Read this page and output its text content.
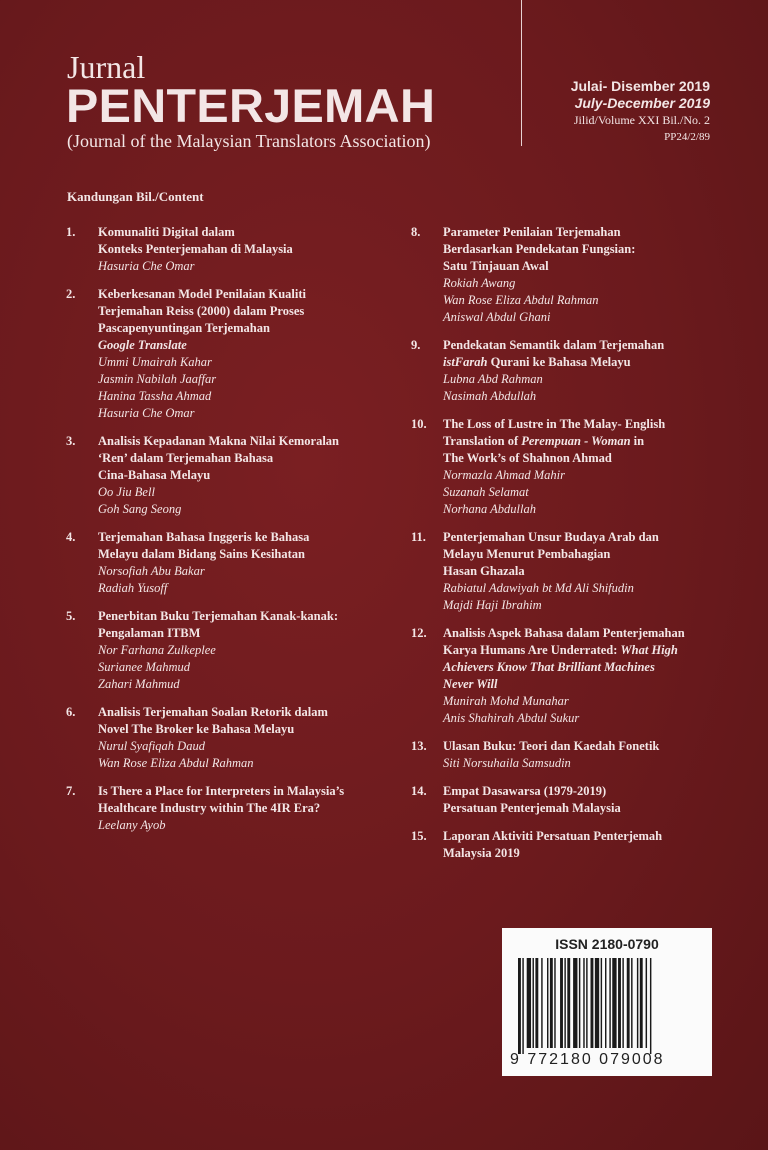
Jurnal
PENTERJEMAH
(Journal of the Malaysian Translators Association)
Julai- Disember 2019
July-December 2019
Jilid/Volume XXI Bil./No. 2
PP24/2/89
Kandungan Bil./Content
1.	Komunaliti Digital dalam
Konteks Penterjemahan di Malaysia
Hasuria Che Omar
2.	Keberkesanan Model Penilaian Kualiti
Terjemahan Reiss (2000) dalam Proses
Pascapenyuntingan Terjemahan
Google Translate
Ummi Umairah Kahar
Jasmin Nabilah Jaaffar
Hanina Tassha Ahmad
Hasuria Che Omar
3.	Analisis Kepadanan Makna Nilai Kemoralan
‘Ren’ dalam Terjemahan Bahasa
Cina-Bahasa Melayu
Oo Jiu Bell
Goh Sang Seong
4.	Terjemahan Bahasa Inggeris ke Bahasa
Melayu dalam Bidang Sains Kesihatan
Norsofiah Abu Bakar
Radiah Yusoff
5.	Penerbitan Buku Terjemahan Kanak-kanak:
Pengalaman ITBM
Nor Farhana Zulkeplee
Surianee Mahmud
Zahari Mahmud
6.	Analisis Terjemahan Soalan Retorik dalam
Novel The Broker ke Bahasa Melayu
Nurul Syafiqah Daud
Wan Rose Eliza Abdul Rahman
7.	Is There a Place for Interpreters in Malaysia’s
Healthcare Industry within The 4IR Era?
Leelany Ayob
8.	Parameter Penilaian Terjemahan
Berdasarkan Pendekatan Fungsian:
Satu Tinjauan Awal
Rokiah Awang
Wan Rose Eliza Abdul Rahman
Aniswal Abdul Ghani
9.	Pendekatan Semantik dalam Terjemahan
istFarah Qurani ke Bahasa Melayu
Lubna Abd Rahman
Nasimah Abdullah
10.	The Loss of Lustre in The Malay- English
Translation of Perempuan - Woman in
The Work’s of Shahnon Ahmad
Normazla Ahmad Mahir
Suzanah Selamat
Norhana Abdullah
11.	Penterjemahan Unsur Budaya Arab dan
Melayu Menurut Pembahagian
Hasan Ghazala
Rabiatul Adawiyah bt Md Ali Shifudin
Majdi Haji Ibrahim
12.	Analisis Aspek Bahasa dalam Penterjemahan
Karya Humans Are Underrated: What High
Achievers Know That Brilliant Machines
Never Will
Munirah Mohd Munahar
Anis Shahirah Abdul Sukur
13.	Ulasan Buku: Teori dan Kaedah Fonetik
Siti Norsuhaila Samsudin
14.	Empat Dasawarsa (1979-2019)
Persatuan Penterjemah Malaysia
15.	Laporan Aktiviti Persatuan Penterjemah
Malaysia 2019
ISSN 2180-0790
9 772180 079008
